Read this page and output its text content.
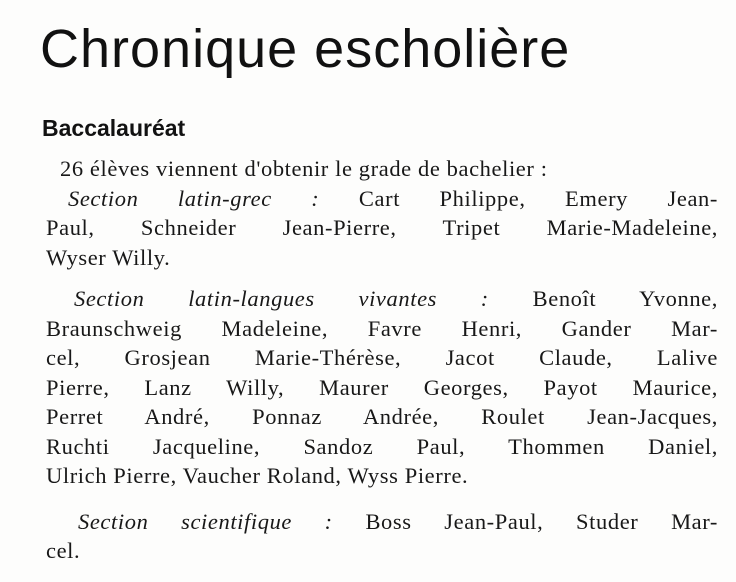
Chronique escholière
Baccalauréat
26 élèves viennent d'obtenir le grade de bachelier :
Section latin-grec : Cart Philippe, Emery Jean-
Paul, Schneider Jean-Pierre, Tripet Marie-Madeleine,
Wyser Willy.
Section latin-langues vivantes : Benoît Yvonne,
Braunschweig Madeleine, Favre Henri, Gander Mar-
cel, Grosjean Marie-Thérèse, Jacot Claude, Lalive
Pierre, Lanz Willy, Maurer Georges, Payot Maurice,
Perret André, Ponnaz Andrée, Roulet Jean-Jacques,
Ruchti Jacqueline, Sandoz Paul, Thommen Daniel,
Ulrich Pierre, Vaucher Roland, Wyss Pierre.
Section scientifique : Boss Jean-Paul, Studer Mar-
cel.
